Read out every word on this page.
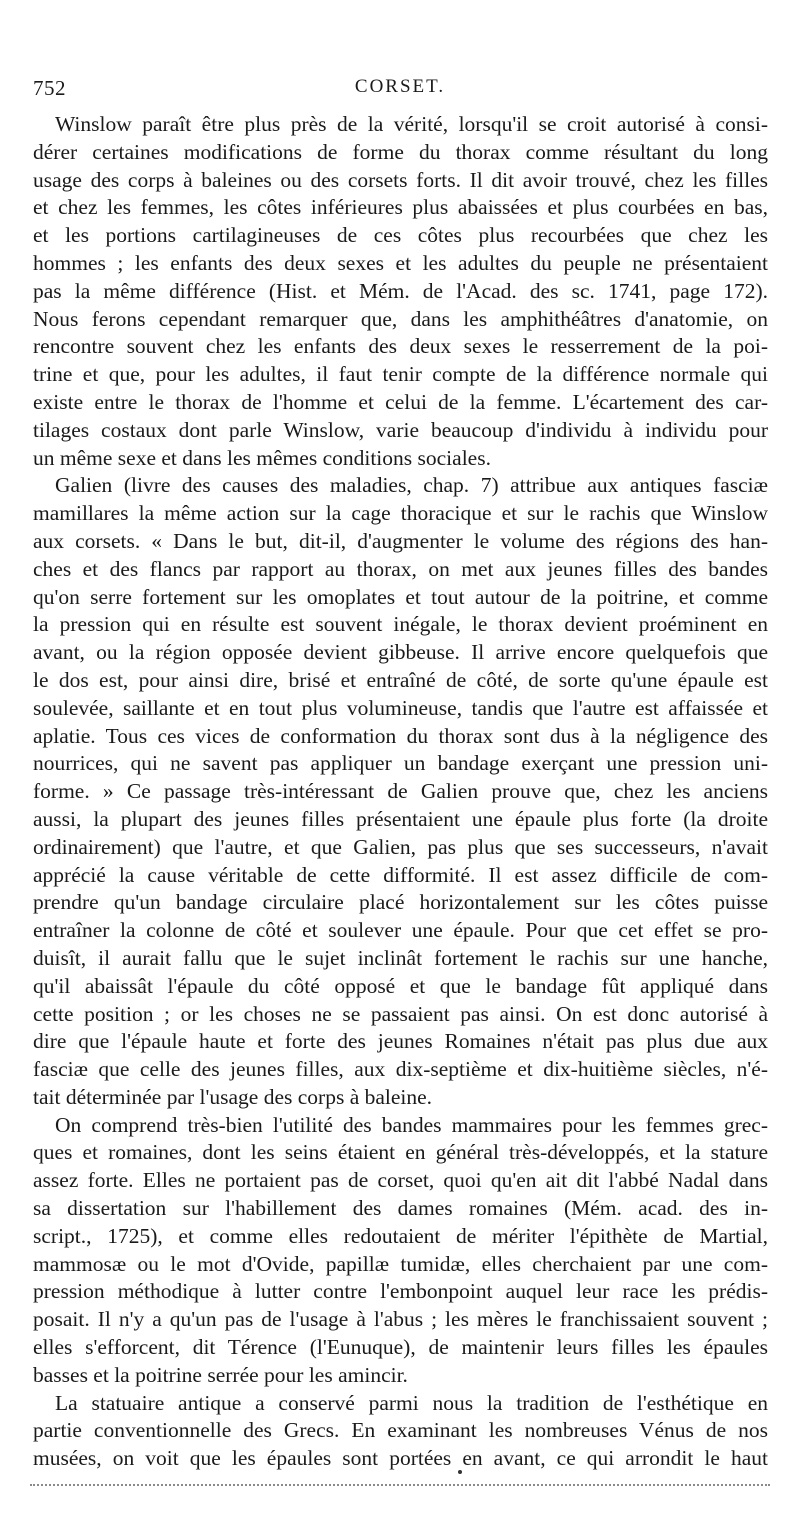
752	CORSET.
Winslow paraît être plus près de la vérité, lorsqu'il se croit autorisé à consi-
dérer certaines modifications de forme du thorax comme résultant du long
usage des corps à baleines ou des corsets forts. Il dit avoir trouvé, chez les filles
et chez les femmes, les côtes inférieures plus abaissées et plus courbées en bas,
et les portions cartilagineuses de ces côtes plus recourbées que chez les
hommes ; les enfants des deux sexes et les adultes du peuple ne présentaient
pas la même différence (Hist. et Mém. de l'Acad. des sc. 1741, page 172).
Nous ferons cependant remarquer que, dans les amphithéâtres d'anatomie, on
rencontre souvent chez les enfants des deux sexes le resserrement de la poi-
trine et que, pour les adultes, il faut tenir compte de la différence normale qui
existe entre le thorax de l'homme et celui de la femme. L'écartement des car-
tilages costaux dont parle Winslow, varie beaucoup d'individu à individu pour
un même sexe et dans les mêmes conditions sociales.
Galien (livre des causes des maladies, chap. 7) attribue aux antiques fasciæ
mamillares la même action sur la cage thoracique et sur le rachis que Winslow
aux corsets. « Dans le but, dit-il, d'augmenter le volume des régions des han-
ches et des flancs par rapport au thorax, on met aux jeunes filles des bandes
qu'on serre fortement sur les omoplates et tout autour de la poitrine, et comme
la pression qui en résulte est souvent inégale, le thorax devient proéminent en
avant, ou la région opposée devient gibbeuse. Il arrive encore quelquefois que
le dos est, pour ainsi dire, brisé et entraîné de côté, de sorte qu'une épaule est
soulevée, saillante et en tout plus volumineuse, tandis que l'autre est affaissée et
aplatie. Tous ces vices de conformation du thorax sont dus à la négligence des
nourrices, qui ne savent pas appliquer un bandage exerçant une pression uni-
forme. » Ce passage très-intéressant de Galien prouve que, chez les anciens
aussi, la plupart des jeunes filles présentaient une épaule plus forte (la droite
ordinairement) que l'autre, et que Galien, pas plus que ses successeurs, n'avait
apprécié la cause véritable de cette difformité. Il est assez difficile de com-
prendre qu'un bandage circulaire placé horizontalement sur les côtes puisse
entraîner la colonne de côté et soulever une épaule. Pour que cet effet se pro-
duisît, il aurait fallu que le sujet inclinât fortement le rachis sur une hanche,
qu'il abaissât l'épaule du côté opposé et que le bandage fût appliqué dans
cette position ; or les choses ne se passaient pas ainsi. On est donc autorisé à
dire que l'épaule haute et forte des jeunes Romaines n'était pas plus due aux
fasciæ que celle des jeunes filles, aux dix-septième et dix-huitième siècles, n'é-
tait déterminée par l'usage des corps à baleine.
On comprend très-bien l'utilité des bandes mammaires pour les femmes grec-
ques et romaines, dont les seins étaient en général très-développés, et la stature
assez forte. Elles ne portaient pas de corset, quoi qu'en ait dit l'abbé Nadal dans
sa dissertation sur l'habillement des dames romaines (Mém. acad. des in-
script., 1725), et comme elles redoutaient de mériter l'épithète de Martial,
mammosæ ou le mot d'Ovide, papillæ tumidæ, elles cherchaient par une com-
pression méthodique à lutter contre l'embonpoint auquel leur race les prédis-
posait. Il n'y a qu'un pas de l'usage à l'abus ; les mères le franchissaient souvent ;
elles s'efforcent, dit Térence (l'Eunuque), de maintenir leurs filles les épaules
basses et la poitrine serrée pour les amincir.
La statuaire antique a conservé parmi nous la tradition de l'esthétique en
partie conventionnelle des Grecs. En examinant les nombreuses Vénus de nos
musées, on voit que les épaules sont portées en avant, ce qui arrondit le haut
